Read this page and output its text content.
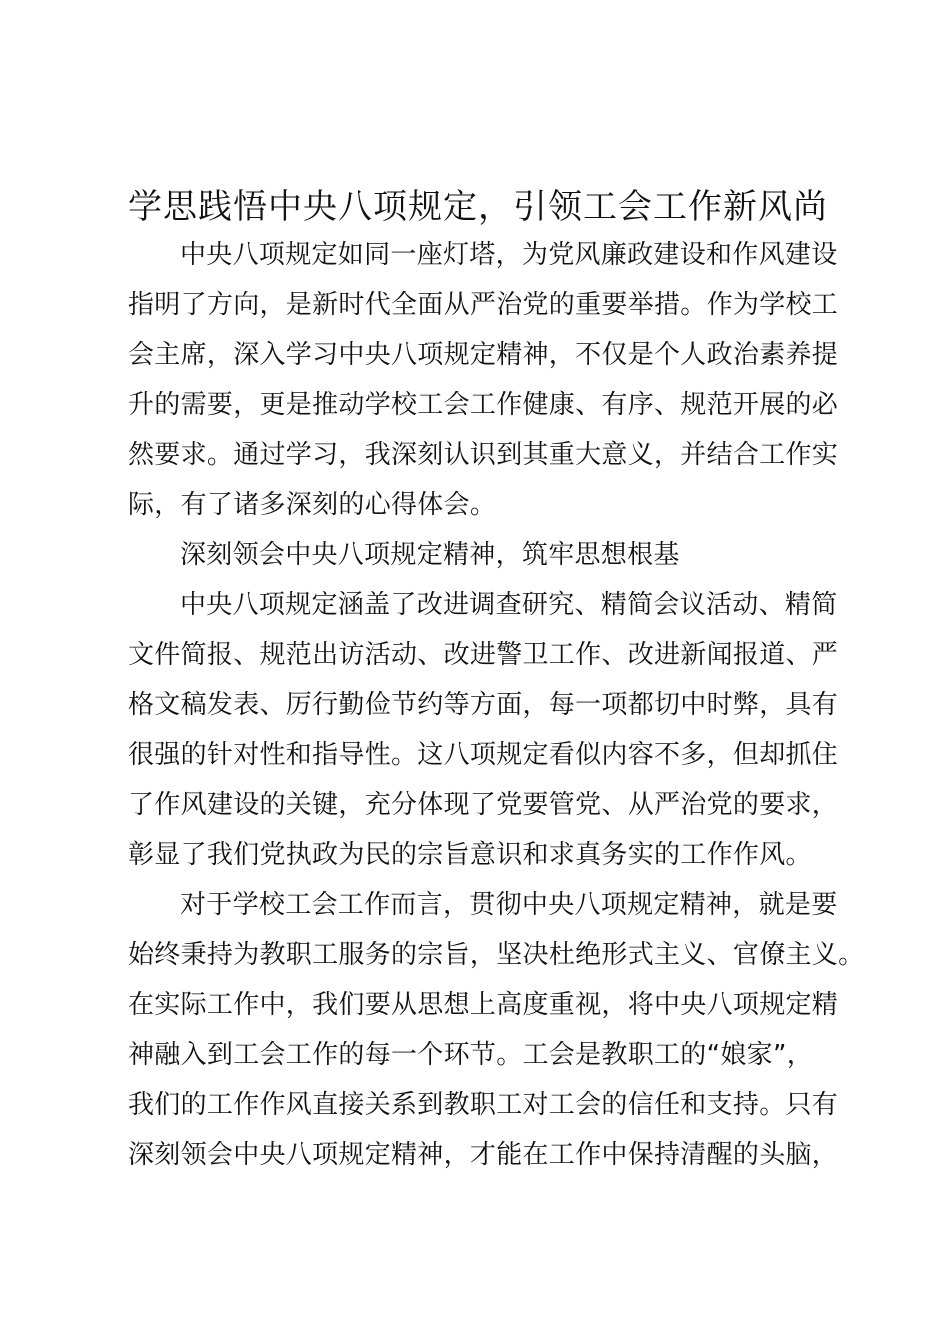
学思践悟中央八项规定，引领工会工作新风尚
中央八项规定如同一座灯塔，为党风廉政建设和作风建设
指明了方向，是新时代全面从严治党的重要举措。作为学校工
会主席，深入学习中央八项规定精神，不仅是个人政治素养提
升的需要，更是推动学校工会工作健康、有序、规范开展的必
然要求。通过学习，我深刻认识到其重大意义，并结合工作实
际，有了诸多深刻的心得体会。
深刻领会中央八项规定精神，筑牢思想根基
中央八项规定涵盖了改进调查研究、精简会议活动、精简
文件简报、规范出访活动、改进警卫工作、改进新闻报道、严
格文稿发表、厉行勤俭节约等方面，每一项都切中时弊，具有
很强的针对性和指导性。这八项规定看似内容不多，但却抓住
了作风建设的关键，充分体现了党要管党、从严治党的要求，
彰显了我们党执政为民的宗旨意识和求真务实的工作作风。
对于学校工会工作而言，贯彻中央八项规定精神，就是要
始终秉持为教职工服务的宗旨，坚决杜绝形式主义、官僚主义。
在实际工作中，我们要从思想上高度重视，将中央八项规定精
神融入到工会工作的每一个环节。工会是教职工的“娘家”，
我们的工作作风直接关系到教职工对工会的信任和支持。只有
深刻领会中央八项规定精神，才能在工作中保持清醒的头脑，
